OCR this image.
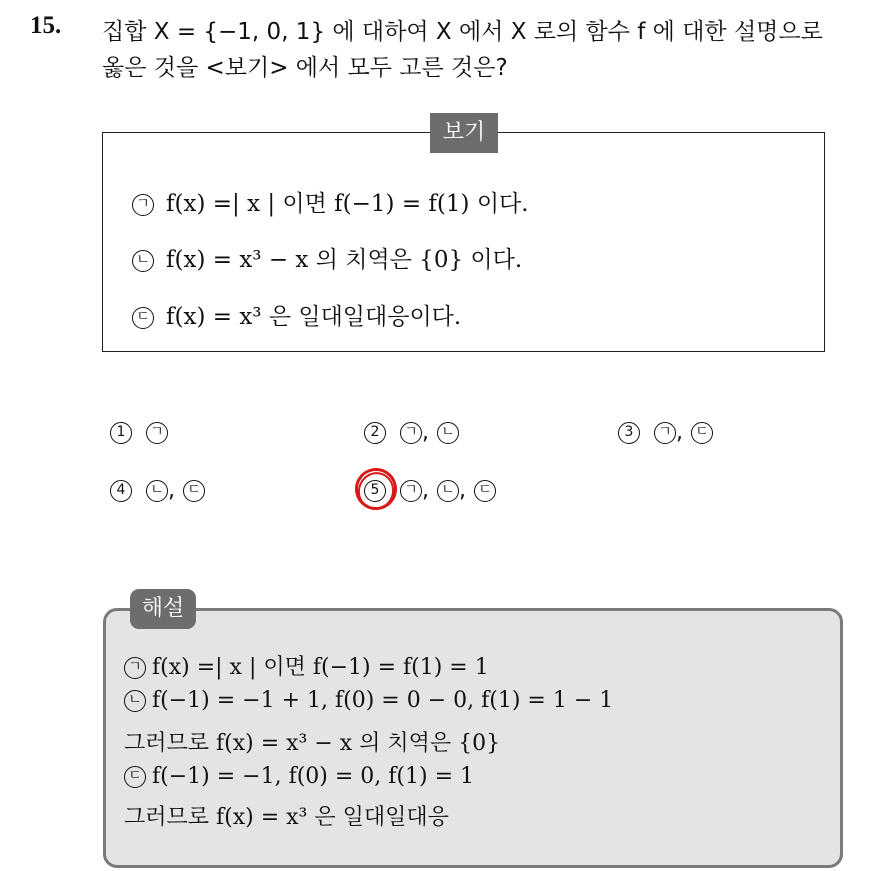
15. 집합 X = {−1, 0, 1} 에 대하여 X 에서 X 로의 함수 f 에 대한 설명으로
옳은 것을 <보기> 에서 모두 고른 것은?
보기
ㄱ f(x) =| x | 이면 f(−1) = f(1) 이다.
ㄴ f(x) = x³ − x 의 치역은 {0} 이다.
ㄷ f(x) = x³ 은 일대일대응이다.
1 ㄱ	2 ㄱ , ㄴ	3 ㄱ , ㄷ
4 ㄴ , ㄷ	5 ㄱ , ㄴ , ㄷ
해설
ㄱ f(x) =| x | 이면 f(−1) = f(1) = 1
ㄴ f(−1) = −1 + 1, f(0) = 0 − 0, f(1) = 1 − 1
그러므로 f(x) = x³ − x 의 치역은 {0}
ㄷ f(−1) = −1, f(0) = 0, f(1) = 1
그러므로 f(x) = x³ 은 일대일대응
